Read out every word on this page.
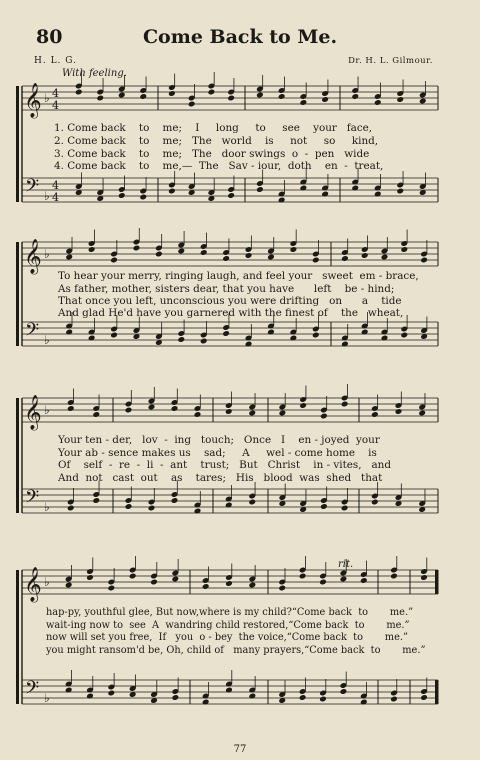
80	Come Back to Me.
H. L. G.	Dr. H. L. Gilmour.
With feeling.
𝄞
𝄢
♭
♭
4
4
4
4
𝄞
𝄢
♭
♭
𝄞
𝄢
♭
♭
𝄞
𝄢
♭
♭
1. Come back    to    me;    I     long     to     see    your   face,
2. Come back    to    me;   The   world    is     not     so     kind,
3. Come back    to    me;   The   door swings  o  -  pen   wide
4. Come back    to    me,—  The   Sav - iour,  doth    en  -  treat,
To hear your merry, ringing laugh, and feel your   sweet  em - brace,
As father, mother, sisters dear, that you have      left    be - hind;
That once you left, unconscious you were drifting   on      a    tide
And glad He'd have you garnered with the finest of    the   wheat,
Your ten - der,   lov  -  ing   touch;   Once   I    en - joyed  your
Your ab - sence makes us    sad;     A     wel - come home    is
Of    self  -  re  -  li  -  ant    trust;   But   Christ    in - vites,   and
And  not   cast  out    as    tares;   His   blood  was  shed   that
rit.
hap-py, youthful glee, But now,where is my child?“Come back  to       me.”
wait-ing now to  see  A  wandring child restored,“Come back  to       me.”
now will set you free,  If   you  o - bey  the voice,“Come back  to       me.”
you might ransom'd be, Oh, child of   many prayers,“Come back  to       me.”
77
